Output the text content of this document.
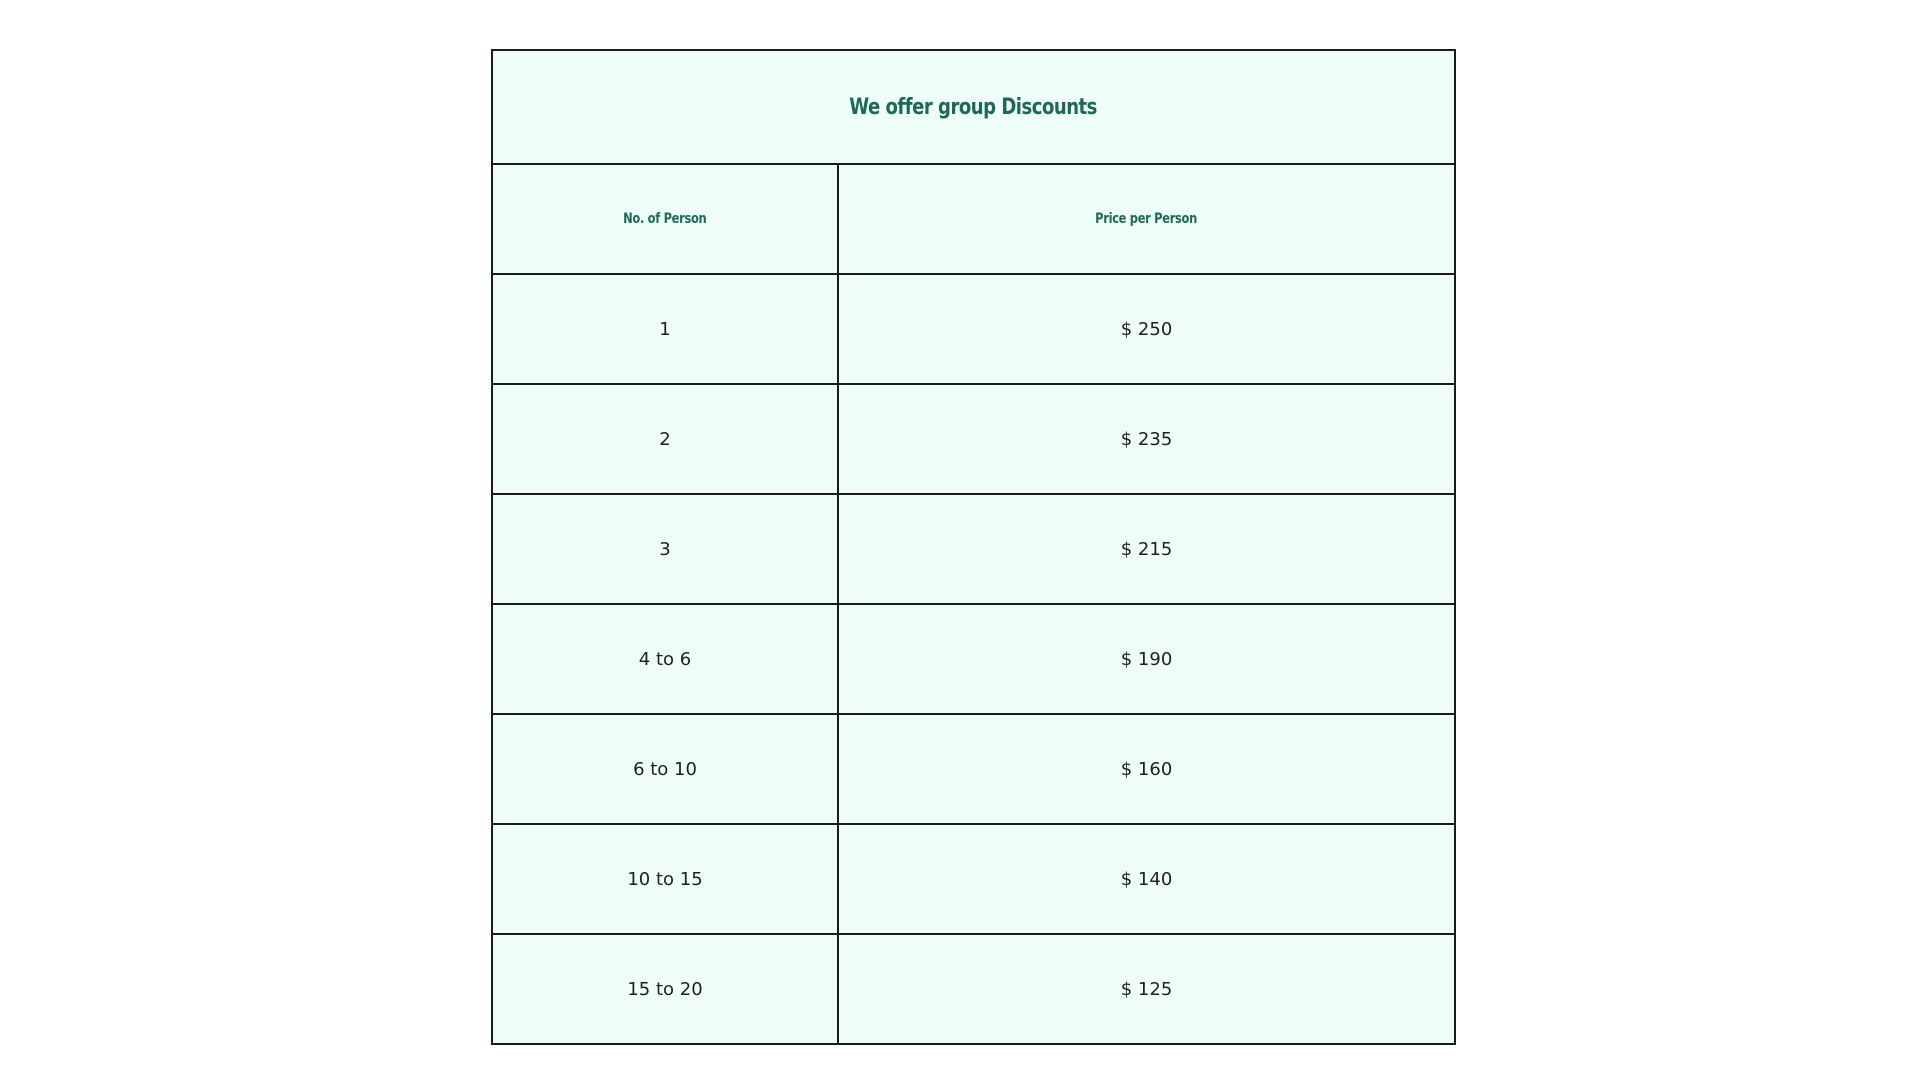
We offer group Discounts	
No. of Person	Price per Person
1	$ 250
2	$ 235
3	$ 215
4 to 6	$ 190
6 to 10	$ 160
10 to 15	$ 140
15 to 20	$ 125
